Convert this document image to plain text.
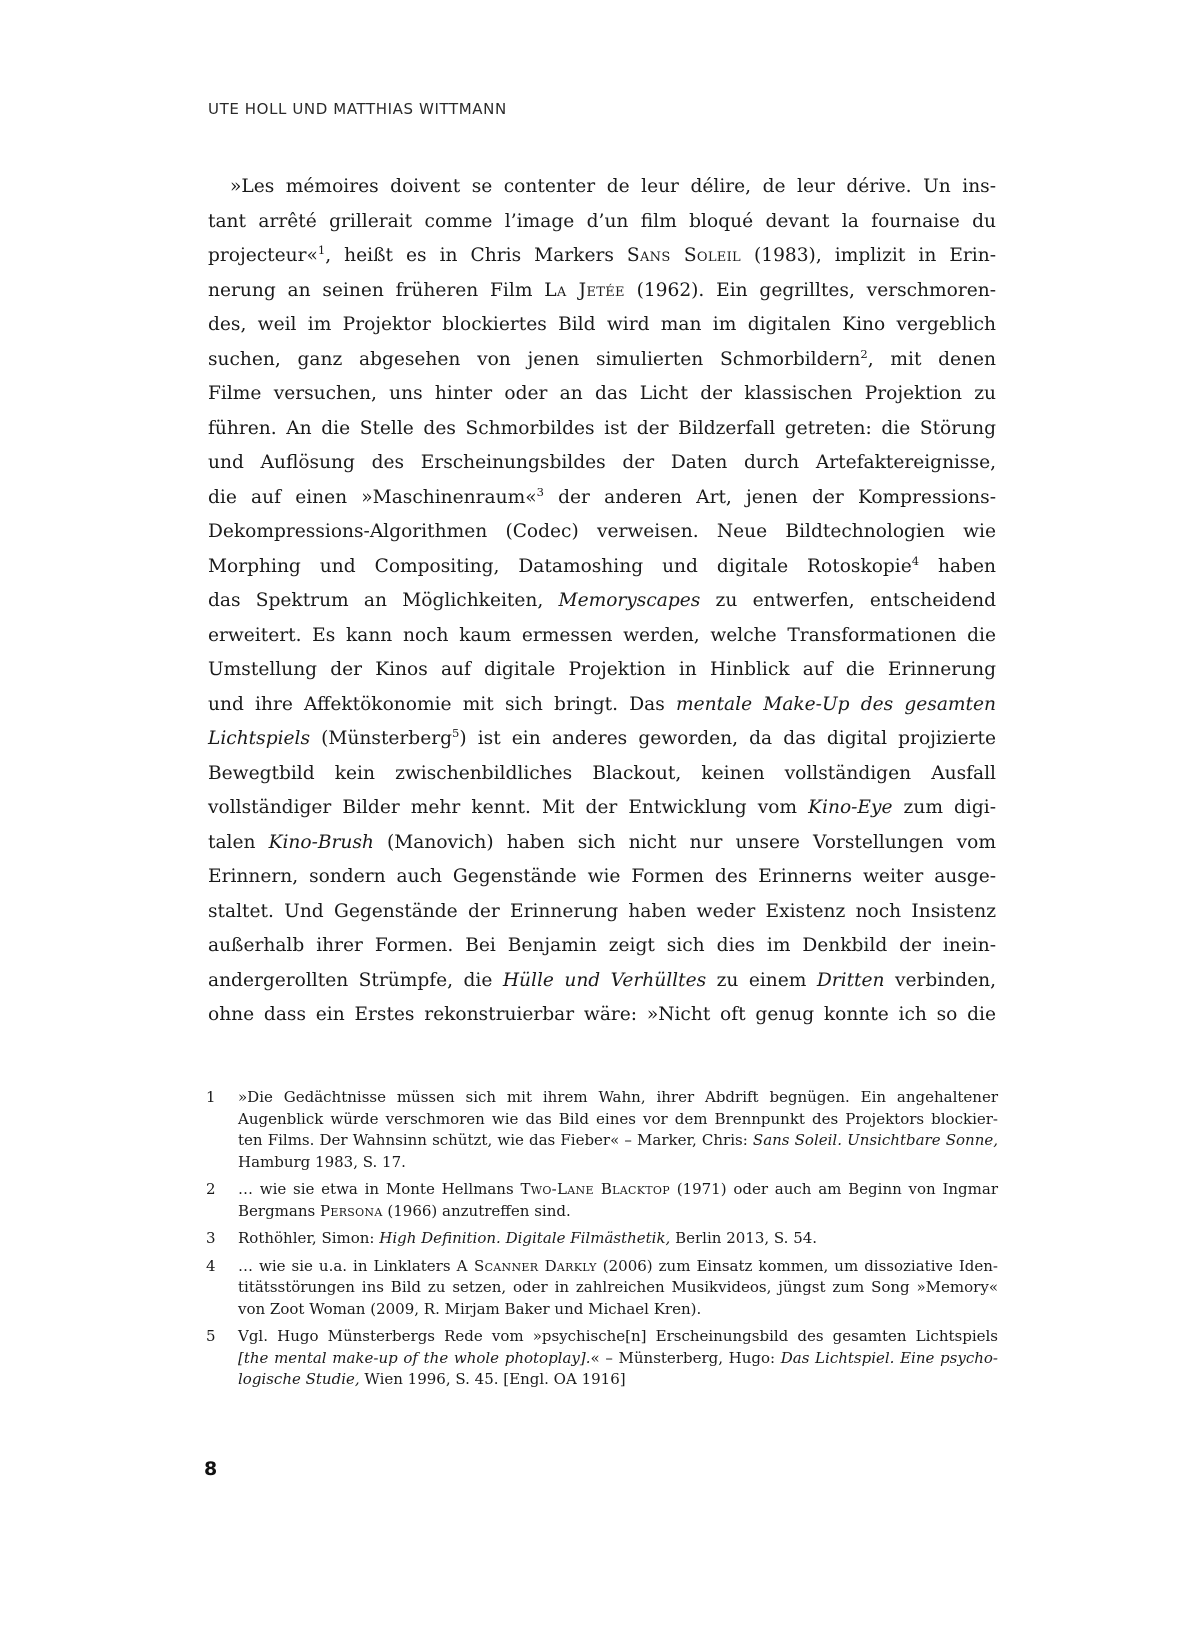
UTE HOLL UND MATTHIAS WITTMANN
»Les mémoires doivent se contenter de leur délire, de leur dérive. Un ins-
tant arrêté grillerait comme l’image d’un film bloqué devant la fournaise du
projecteur«$^1$, heißt es in Chris Markers Sans Soleil (1983), implizit in Erin-
nerung an seinen früheren Film La Jetée (1962). Ein gegrilltes, verschmoren-
des, weil im Projektor blockiertes Bild wird man im digitalen Kino vergeblich
suchen, ganz abgesehen von jenen simulierten Schmorbildern$^2$, mit denen
Filme versuchen, uns hinter oder an das Licht der klassischen Projektion zu
führen. An die Stelle des Schmorbildes ist der Bildzerfall getreten: die Störung
und Auflösung des Erscheinungsbildes der Daten durch Artefaktereignisse,
die auf einen »Maschinenraum«$^3$ der anderen Art, jenen der Kompressions-
Dekompressions-Algorithmen (Codec) verweisen. Neue Bildtechnologien wie
Morphing und Compositing, Datamoshing und digitale Rotoskopie$^4$ haben
das Spektrum an Möglichkeiten, Memoryscapes zu entwerfen, entscheidend
erweitert. Es kann noch kaum ermessen werden, welche Transformationen die
Umstellung der Kinos auf digitale Projektion in Hinblick auf die Erinnerung
und ihre Affektökonomie mit sich bringt. Das mentale Make-Up des gesamten
Lichtspiels (Münsterberg$^5$) ist ein anderes geworden, da das digital projizierte
Bewegtbild kein zwischenbildliches Blackout, keinen vollständigen Ausfall
vollständiger Bilder mehr kennt. Mit der Entwicklung vom Kino-Eye zum digi-
talen Kino-Brush (Manovich) haben sich nicht nur unsere Vorstellungen vom
Erinnern, sondern auch Gegenstände wie Formen des Erinnerns weiter ausge-
staltet. Und Gegenstände der Erinnerung haben weder Existenz noch Insistenz
außerhalb ihrer Formen. Bei Benjamin zeigt sich dies im Denkbild der inein-
andergerollten Strümpfe, die Hülle und Verhülltes zu einem Dritten verbinden,
ohne dass ein Erstes rekonstruierbar wäre: »Nicht oft genug konnte ich so die
1	»Die Gedächtnisse müssen sich mit ihrem Wahn, ihrer Abdrift begnügen. Ein angehaltener
Augenblick würde verschmoren wie das Bild eines vor dem Brennpunkt des Projektors blockier-
ten Films. Der Wahnsinn schützt, wie das Fieber« – Marker, Chris: Sans Soleil. Unsichtbare Sonne,
Hamburg 1983, S. 17.
2	… wie sie etwa in Monte Hellmans Two-Lane Blacktop (1971) oder auch am Beginn von Ingmar
Bergmans Persona (1966) anzutreffen sind.
3	Rothöhler, Simon: High Definition. Digitale Filmästhetik, Berlin 2013, S. 54.
4	… wie sie u.a. in Linklaters A Scanner Darkly (2006) zum Einsatz kommen, um dissoziative Iden-
titätsstörungen ins Bild zu setzen, oder in zahlreichen Musikvideos, jüngst zum Song »Memory«
von Zoot Woman (2009, R. Mirjam Baker und Michael Kren).
5	Vgl. Hugo Münsterbergs Rede vom »psychische[n] Erscheinungsbild des gesamten Lichtspiels
[the mental make-up of the whole photoplay].« – Münsterberg, Hugo: Das Lichtspiel. Eine psycho-
logische Studie, Wien 1996, S. 45. [Engl. OA 1916]
8
